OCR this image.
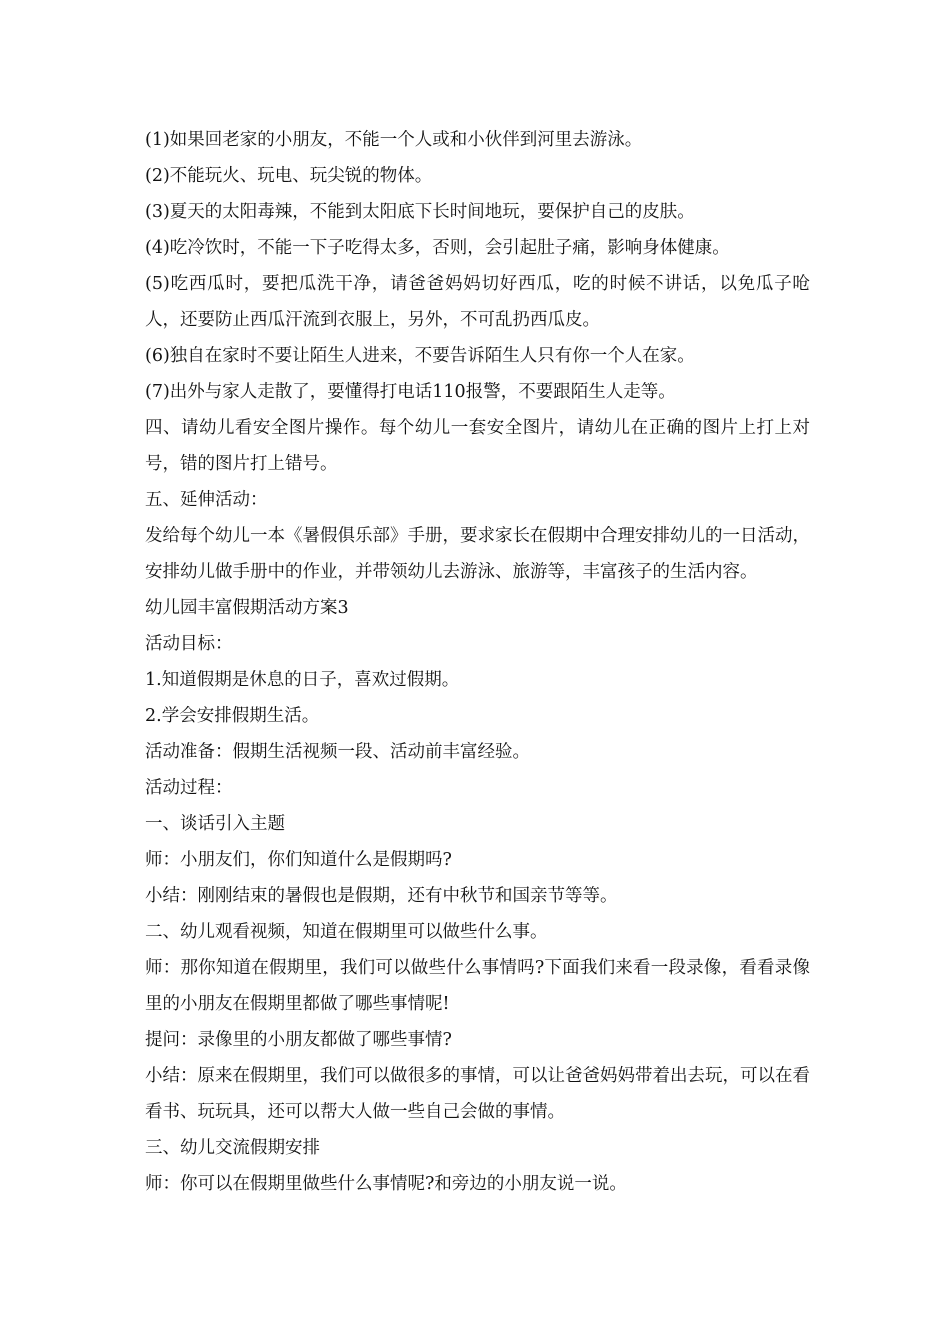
(1)如果回老家的小朋友，不能一个人或和小伙伴到河里去游泳。

(2)不能玩火、玩电、玩尖锐的物体。

(3)夏天的太阳毒辣，不能到太阳底下长时间地玩，要保护自己的皮肤。

(4)吃冷饮时，不能一下子吃得太多，否则，会引起肚子痛，影响身体健康。

(5)吃西瓜时，要把瓜洗干净，请爸爸妈妈切好西瓜，吃的时候不讲话，以免瓜子呛人，还要防止西瓜汗流到衣服上，另外，不可乱扔西瓜皮。

(6)独自在家时不要让陌生人进来，不要告诉陌生人只有你一个人在家。

(7)出外与家人走散了，要懂得打电话110报警，不要跟陌生人走等。

四、请幼儿看安全图片操作。每个幼儿一套安全图片，请幼儿在正确的图片上打上对号，错的图片打上错号。

五、延伸活动：

发给每个幼儿一本《暑假俱乐部》手册，要求家长在假期中合理安排幼儿的一日活动，安排幼儿做手册中的作业，并带领幼儿去游泳、旅游等，丰富孩子的生活内容。

幼儿园丰富假期活动方案3

活动目标：

1.知道假期是休息的日子，喜欢过假期。

2.学会安排假期生活。

活动准备：假期生活视频一段、活动前丰富经验。

活动过程：

一、谈话引入主题

师：小朋友们，你们知道什么是假期吗?

小结：刚刚结束的暑假也是假期，还有中秋节和国亲节等等。

二、幼儿观看视频，知道在假期里可以做些什么事。

师：那你知道在假期里，我们可以做些什么事情吗?下面我们来看一段录像，看看录像里的小朋友在假期里都做了哪些事情呢!

提问：录像里的小朋友都做了哪些事情?

小结：原来在假期里，我们可以做很多的事情，可以让爸爸妈妈带着出去玩，可以在看看书、玩玩具，还可以帮大人做一些自己会做的事情。

三、幼儿交流假期安排

师：你可以在假期里做些什么事情呢?和旁边的小朋友说一说。
